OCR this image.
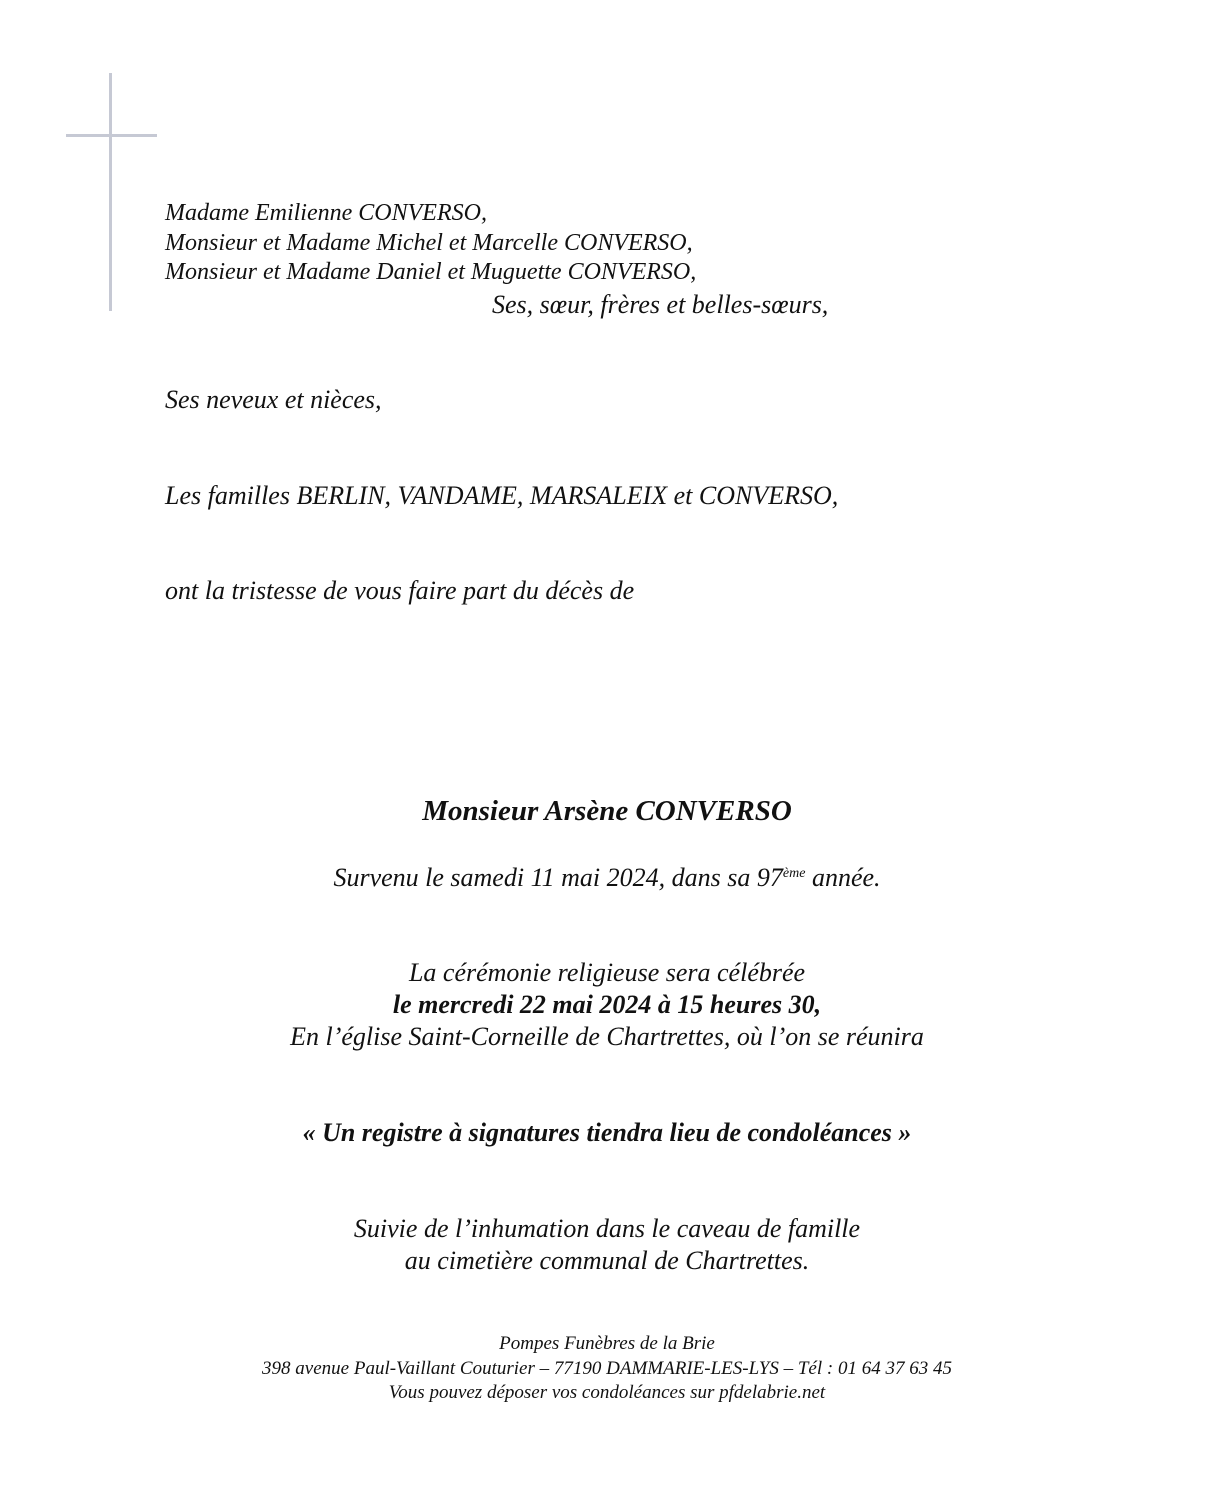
Madame Emilienne CONVERSO,
Monsieur et Madame Michel et Marcelle CONVERSO,
Monsieur et Madame Daniel et Muguette CONVERSO,
Ses, sœur, frères et belles-sœurs,
Ses neveux et nièces,
Les familles BERLIN, VANDAME, MARSALEIX et CONVERSO,
ont la tristesse de vous faire part du décès de
Monsieur Arsène CONVERSO
Survenu le samedi 11 mai 2024, dans sa 97ème année.
La cérémonie religieuse sera célébrée
le mercredi 22 mai 2024 à 15 heures 30,
En l’église Saint-Corneille de Chartrettes, où l’on se réunira
« Un registre à signatures tiendra lieu de condoléances »
Suivie de l’inhumation dans le caveau de famille
au cimetière communal de Chartrettes.
Pompes Funèbres de la Brie
398 avenue Paul-Vaillant Couturier – 77190 DAMMARIE-LES-LYS – Tél : 01 64 37 63 45
Vous pouvez déposer vos condoléances sur pfdelabrie.net
